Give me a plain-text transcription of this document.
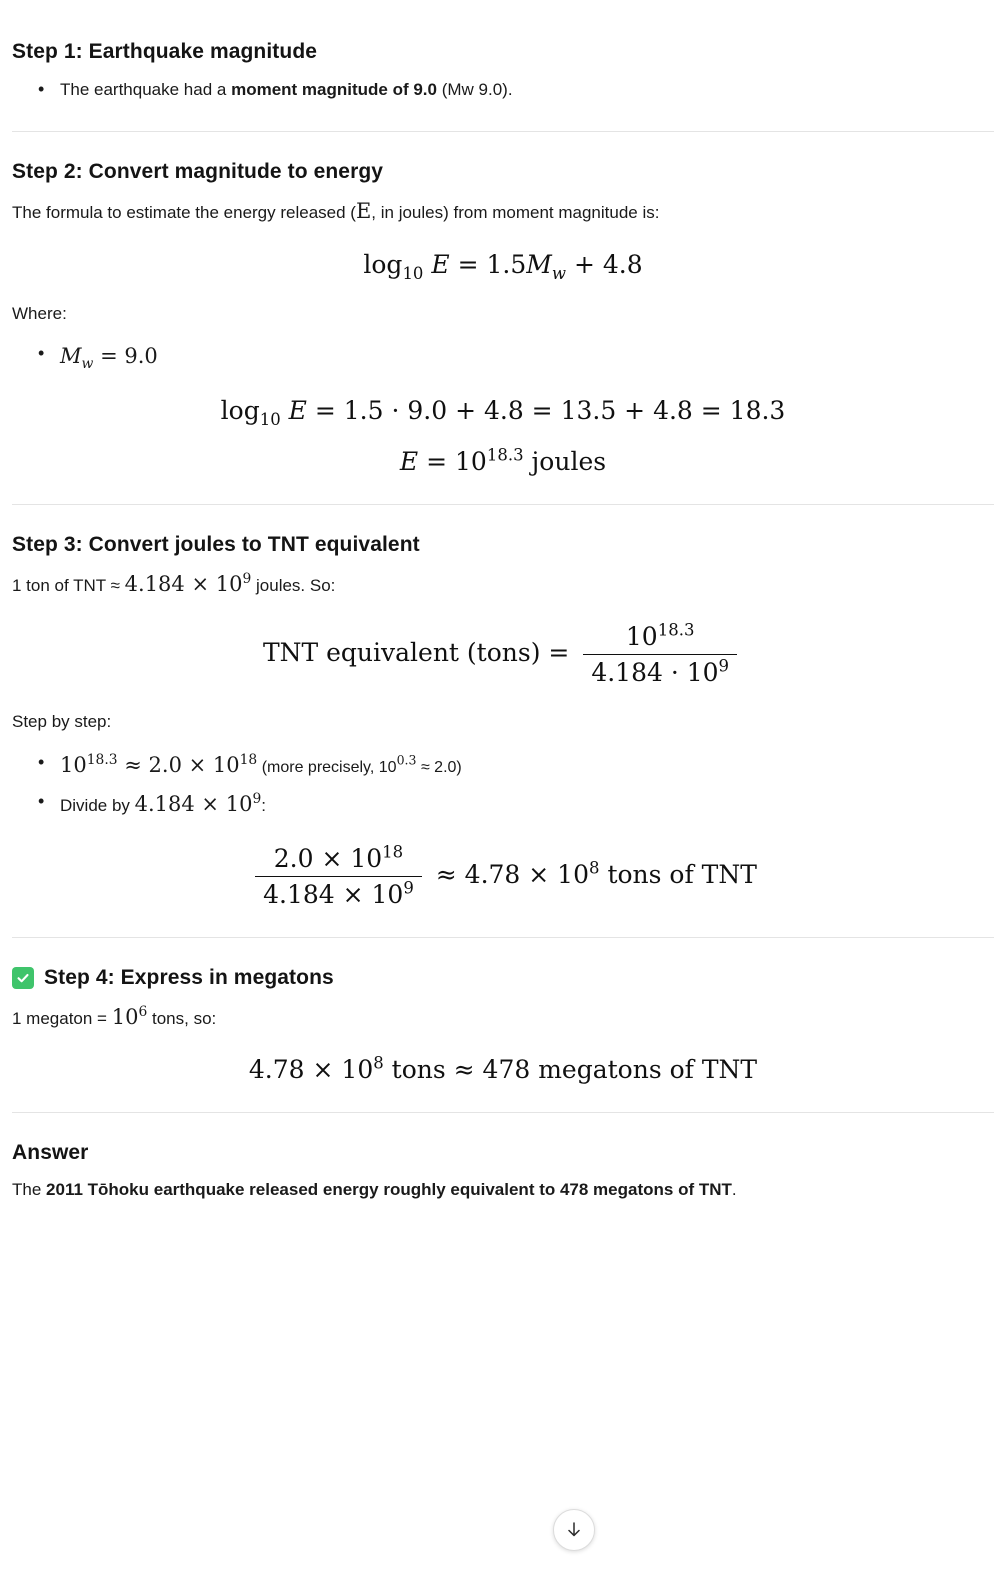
Step 1: Earthquake magnitude
• The earthquake had a moment magnitude of 9.0 (Mw 9.0).
Step 2: Convert magnitude to energy

The formula to estimate the energy released (E, in joules) from moment magnitude is:

$\log_{10} E = 1.5M_w + 4.8$

Where:

• $M_w = 9.0$
$\log_{10} E = 1.5 \cdot 9.0 + 4.8 = 13.5 + 4.8 = 18.3$
$E = 10^{18.3}$ joules
Step 3: Convert joules to TNT equivalent

1 ton of TNT ≈ $4.184 \times 10^9$ joules. So:

TNT equivalent (tons) = $\frac{10^{18.3}}{4.184 \cdot 10^9}$

Step by step:

• $10^{18.3} \approx 2.0 \times 10^{18}$ (more precisely, $10^{0.3} \approx 2.0$)
• Divide by $4.184 \times 10^9$:
$\frac{2.0 \times 10^{18}}{4.184 \times 10^9} \approx 4.78 \times 10^8$ tons of TNT
Step 4: Express in megatons

1 megaton = $10^6$ tons, so:

$4.78 \times 10^8$ tons ≈ 478 megatons of TNT
Answer

The 2011 Tōhoku earthquake released energy roughly equivalent to 478 megatons of TNT.
